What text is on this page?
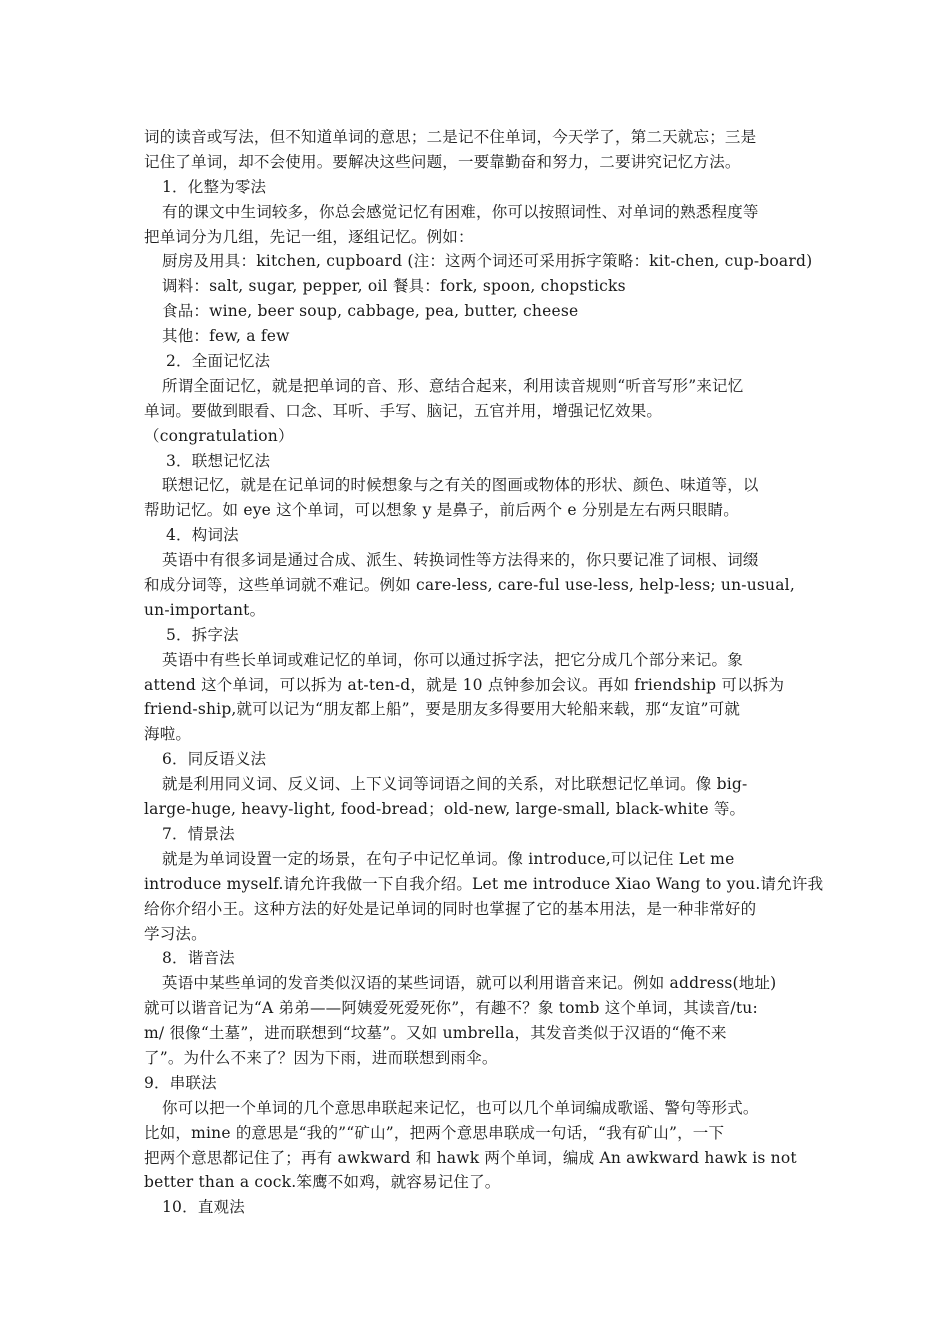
词的读音或写法，但不知道单词的意思；二是记不住单词，今天学了，第二天就忘；三是
记住了单词，却不会使用。要解决这些问题，一要靠勤奋和努力，二要讲究记忆方法。
1．化整为零法
有的课文中生词较多，你总会感觉记忆有困难，你可以按照词性、对单词的熟悉程度等
把单词分为几组，先记一组，逐组记忆。例如：
厨房及用具：kitchen, cupboard (注：这两个词还可采用拆字策略：kit-chen, cup-board)
调料：salt, sugar, pepper, oil 餐具：fork, spoon, chopsticks
食品：wine, beer soup, cabbage, pea, butter, cheese
其他：few, a few
2．全面记忆法
所谓全面记忆，就是把单词的音、形、意结合起来，利用读音规则“听音写形”来记忆
单词。要做到眼看、口念、耳听、手写、脑记，五官并用，增强记忆效果。
（congratulation）
3．联想记忆法
联想记忆，就是在记单词的时候想象与之有关的图画或物体的形状、颜色、味道等，以
帮助记忆。如 eye 这个单词，可以想象 y 是鼻子，前后两个 e 分别是左右两只眼睛。
4．构词法
英语中有很多词是通过合成、派生、转换词性等方法得来的，你只要记准了词根、词缀
和成分词等，这些单词就不难记。例如 care-less, care-ful use-less, help-less; un-usual,
un-important。
5．拆字法
英语中有些长单词或难记忆的单词，你可以通过拆字法，把它分成几个部分来记。象
attend 这个单词，可以拆为 at-ten-d，就是 10 点钟参加会议。再如 friendship 可以拆为
friend-ship,就可以记为“朋友都上船”，要是朋友多得要用大轮船来载，那“友谊”可就
海啦。
6．同反语义法
就是利用同义词、反义词、上下义词等词语之间的关系，对比联想记忆单词。像 big-
large-huge, heavy-light, food-bread；old-new, large-small, black-white 等。
7．情景法
就是为单词设置一定的场景，在句子中记忆单词。像 introduce,可以记住 Let me
introduce myself.请允许我做一下自我介绍。Let me introduce Xiao Wang to you.请允许我
给你介绍小王。这种方法的好处是记单词的同时也掌握了它的基本用法，是一种非常好的
学习法。
8．谐音法
英语中某些单词的发音类似汉语的某些词语，就可以利用谐音来记。例如 address(地址)
就可以谐音记为“A 弟弟——阿姨爱死爱死你”，有趣不？象 tomb 这个单词，其读音/tu:
m/ 很像“土墓”，进而联想到“坟墓”。又如 umbrella，其发音类似于汉语的“俺不来
了”。为什么不来了？因为下雨，进而联想到雨伞。
9．串联法
你可以把一个单词的几个意思串联起来记忆，也可以几个单词编成歌谣、警句等形式。
比如，mine 的意思是“我的”“矿山”，把两个意思串联成一句话，“我有矿山”，一下
把两个意思都记住了；再有 awkward 和 hawk 两个单词，编成 An awkward hawk is not
better than a cock.笨鹰不如鸡，就容易记住了。
10．直观法
